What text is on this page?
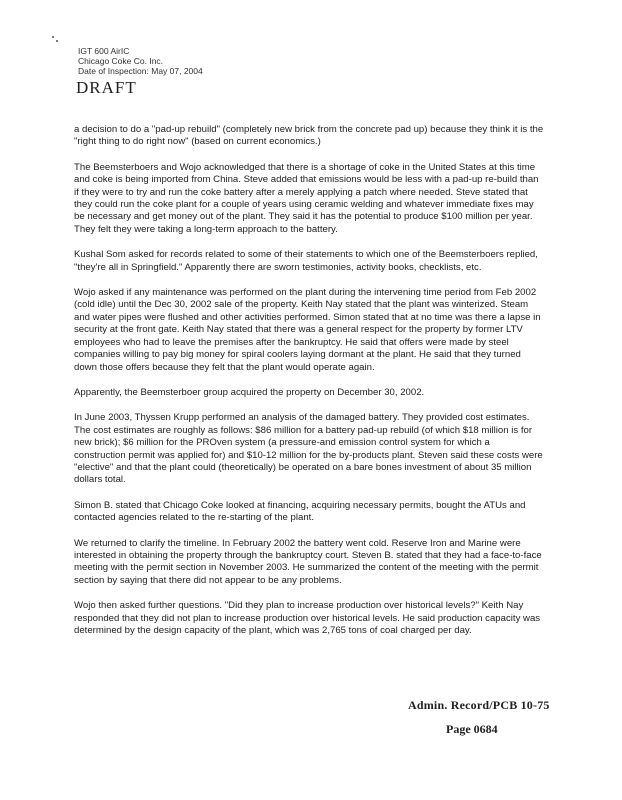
IGT 600 AirIC
Chicago Coke Co. Inc.
Date of Inspection: May 07, 2004
DRAFT

a decision to do a "pad-up rebuild" (completely new brick from the concrete pad up) because they think it is the "right thing to do right now" (based on current economics.)

The Beemsterboers and Wojo acknowledged that there is a shortage of coke in the United States at this time and coke is being imported from China. Steve added that emissions would be less with a pad-up re-build than if they were to try and run the coke battery after a merely applying a patch where needed. Steve stated that they could run the coke plant for a couple of years using ceramic welding and whatever immediate fixes may be necessary and get money out of the plant. They said it has the potential to produce $100 million per year. They felt they were taking a long-term approach to the battery.

Kushal Som asked for records related to some of their statements to which one of the Beemsterboers replied, "they're all in Springfield." Apparently there are sworn testimonies, activity books, checklists, etc.

Wojo asked if any maintenance was performed on the plant during the intervening time period from Feb 2002 (cold idle) until the Dec 30, 2002 sale of the property. Keith Nay stated that the plant was winterized. Steam and water pipes were flushed and other activities performed. Simon stated that at no time was there a lapse in security at the front gate. Keith Nay stated that there was a general respect for the property by former LTV employees who had to leave the premises after the bankruptcy. He said that offers were made by steel companies willing to pay big money for spiral coolers laying dormant at the plant. He said that they turned down those offers because they felt that the plant would operate again.

Apparently, the Beemsterboer group acquired the property on December 30, 2002.

In June 2003, Thyssen Krupp performed an analysis of the damaged battery. They provided cost estimates. The cost estimates are roughly as follows: $86 million for a battery pad-up rebuild (of which $18 million is for new brick); $6 million for the PROven system (a pressure-and emission control system for which a construction permit was applied for) and $10-12 million for the by-products plant. Steven said these costs were "elective" and that the plant could (theoretically) be operated on a bare bones investment of about 35 million dollars total.

Simon B. stated that Chicago Coke looked at financing, acquiring necessary permits, bought the ATUs and contacted agencies related to the re-starting of the plant.

We returned to clarify the timeline. In February 2002 the battery went cold. Reserve Iron and Marine were interested in obtaining the property through the bankruptcy court. Steven B. stated that they had a face-to-face meeting with the permit section in November 2003. He summarized the content of the meeting with the permit section by saying that there did not appear to be any problems.

Wojo then asked further questions. "Did they plan to increase production over historical levels?" Keith Nay responded that they did not plan to increase production over historical levels. He said production capacity was determined by the design capacity of the plant, which was 2,765 tons of coal charged per day.

Admin. Record/PCB 10-75
Page 0684
